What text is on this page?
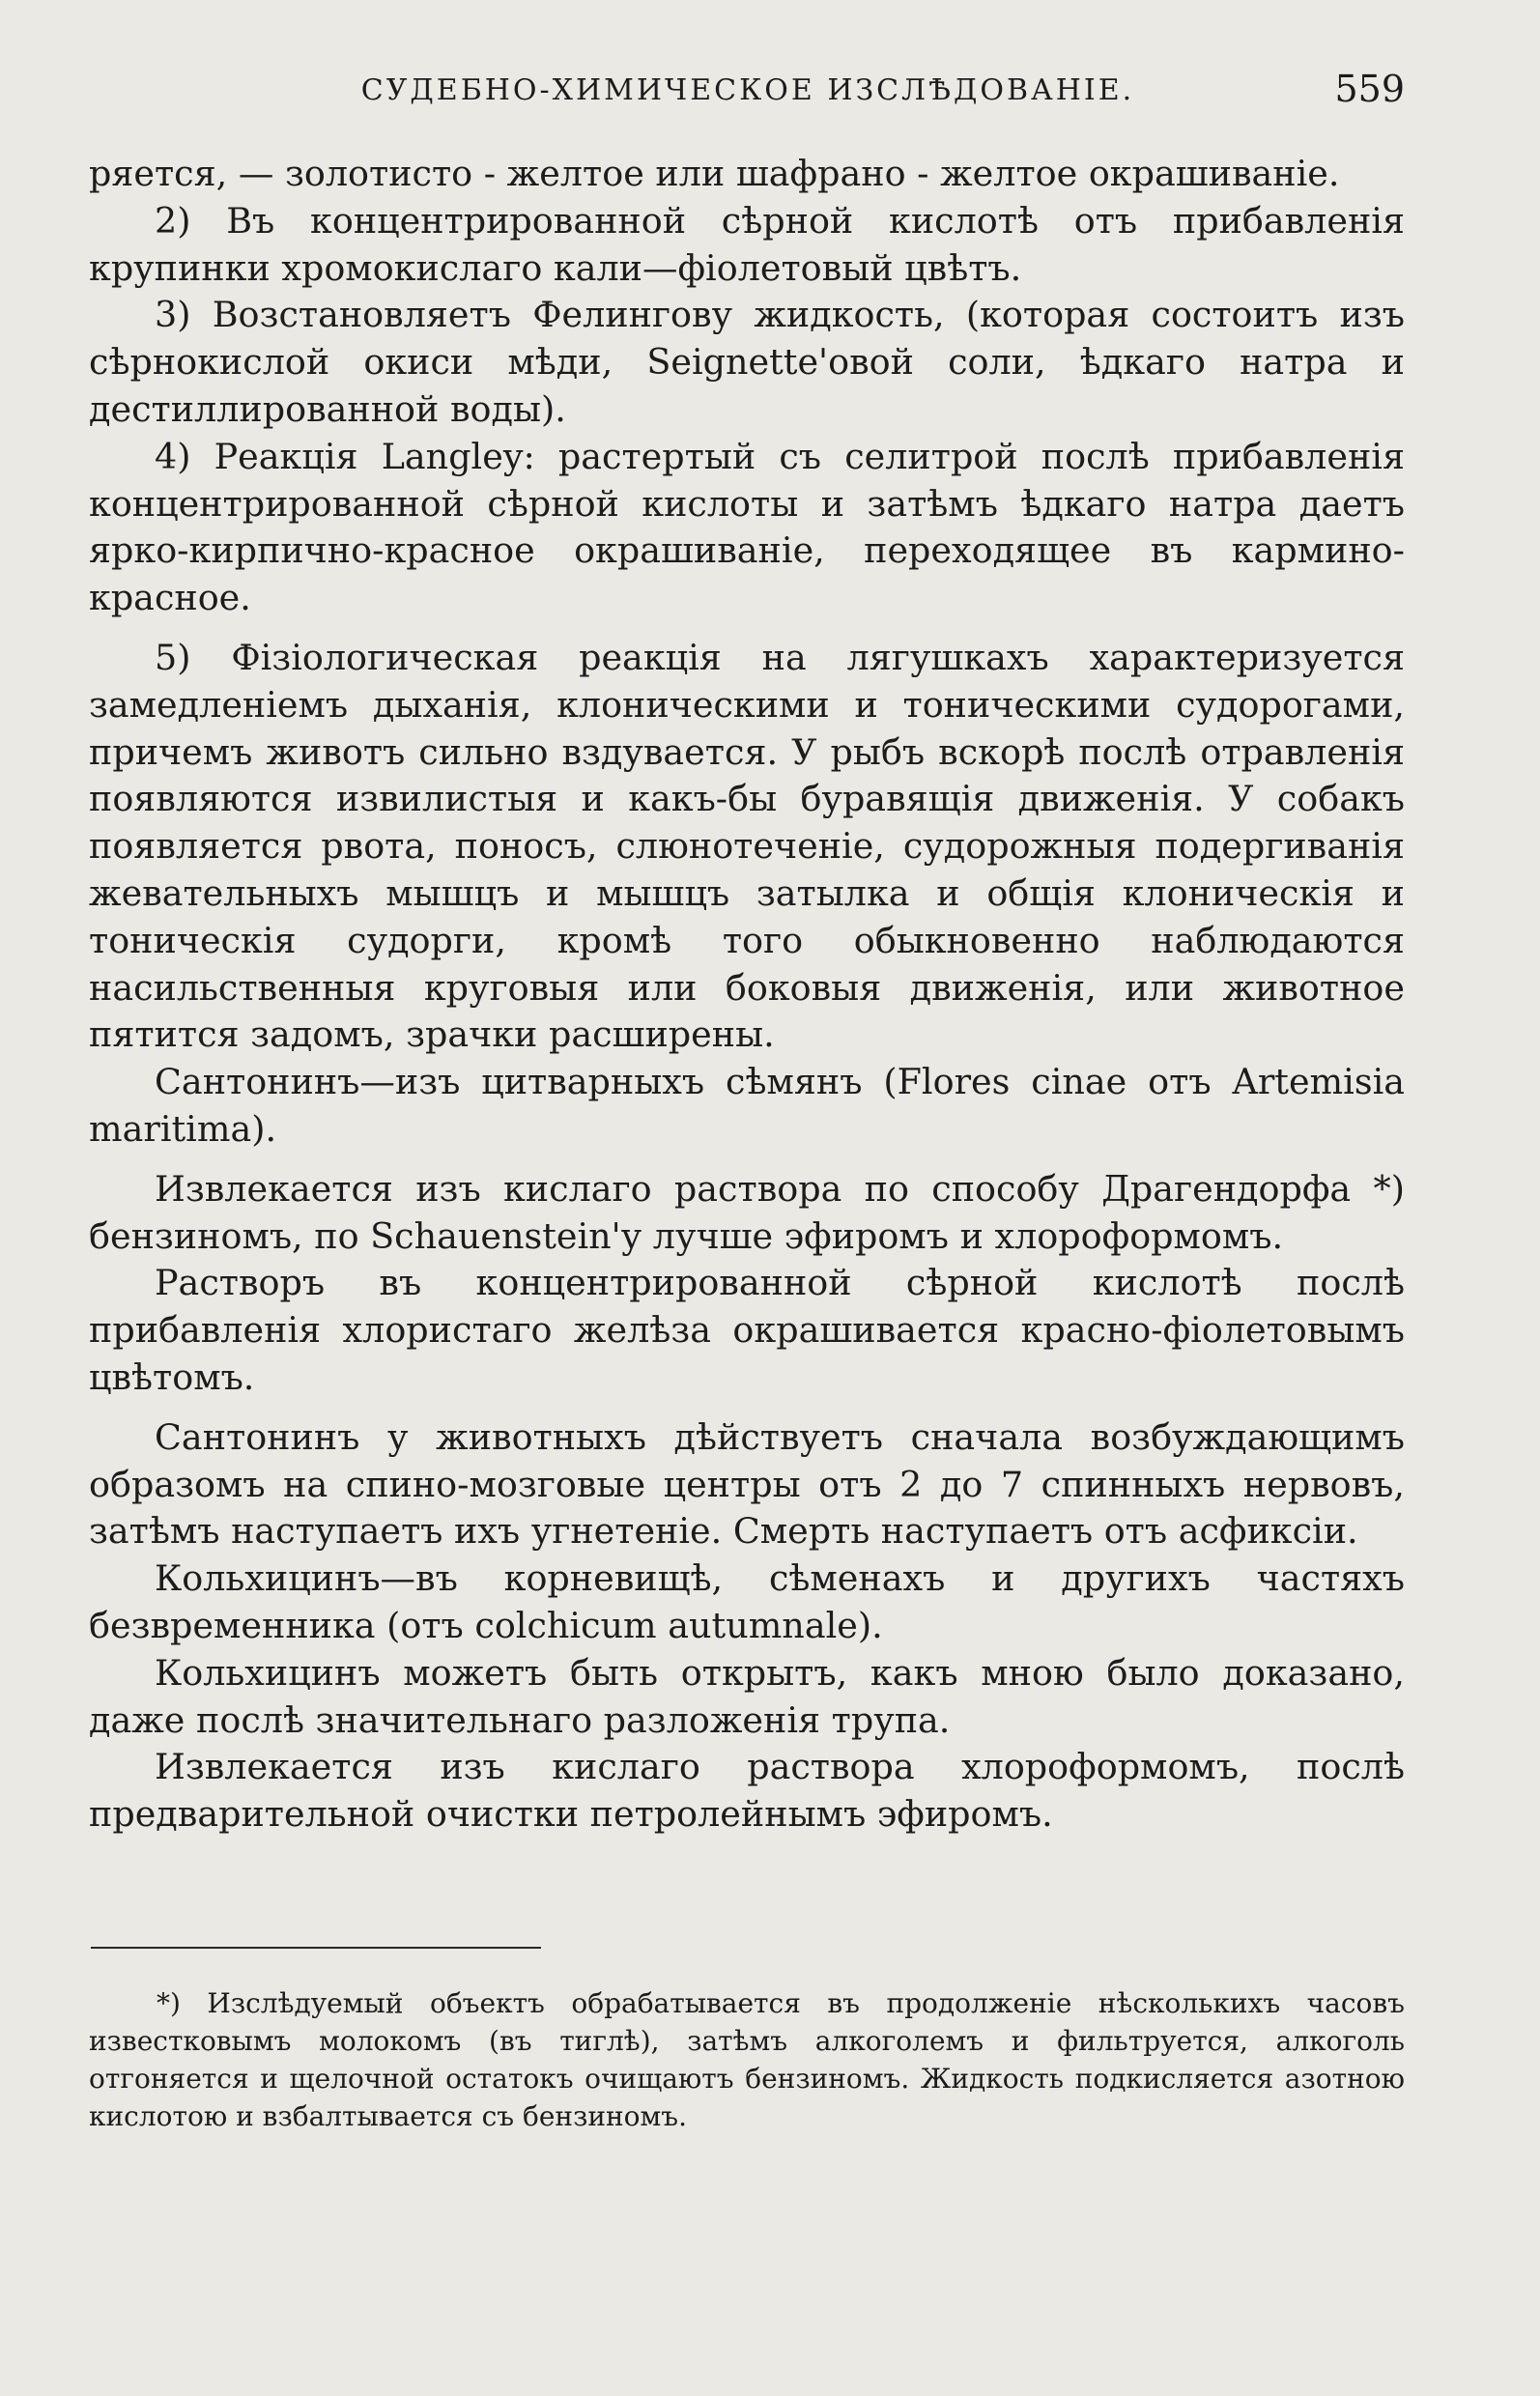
СУДЕБНО-ХИМИЧЕСКОЕ ИЗСЛѢДОВАНІЕ.	559

ряется, — золотисто - желтое или шафрано - желтое окрашиваніе.

2) Въ концентрированной сѣрной кислотѣ отъ прибавленія крупинки хромокислаго кали—фіолетовый цвѣтъ.

3) Возстановляетъ Фелингову жидкость, (которая состоитъ изъ сѣрнокислой окиси мѣди, Seignette'овой соли, ѣдкаго натра и дестиллированной воды).

4) Реакція Langley: растертый съ селитрой послѣ прибавленія концентрированной сѣрной кислоты и затѣмъ ѣдкаго натра даетъ ярко-кирпично-красное окрашиваніе, переходящее въ кармино-красное.

5) Фізіологическая реакція на лягушкахъ характеризуется замедленіемъ дыханія, клоническими и тоническими судорогами, причемъ животъ сильно вздувается. У рыбъ вскорѣ послѣ отравленія появляются извилистыя и какъ-бы буравящія движенія. У собакъ появляется рвота, поносъ, слюнотеченіе, судорожныя подергиванія жевательныхъ мышцъ и мышцъ затылка и общія клоническія и тоническія судорги, кромѣ того обыкновенно наблюдаются насильственныя круговыя или боковыя движенія, или животное пятится задомъ, зрачки расширены.

Сантонинъ—изъ цитварныхъ сѣмянъ (Flores cinae отъ Artemisia maritima).

Извлекается изъ кислаго раствора по способу Драгендорфа *) бензиномъ, по Schauenstein'у лучше эфиромъ и хлороформомъ.

Растворъ въ концентрированной сѣрной кислотѣ послѣ прибавленія хлористаго желѣза окрашивается красно-фіолетовымъ цвѣтомъ.

Сантонинъ у животныхъ дѣйствуетъ сначала возбуждающимъ образомъ на спино-мозговые центры отъ 2 до 7 спинныхъ нервовъ, затѣмъ наступаетъ ихъ угнетеніе. Смерть наступаетъ отъ асфиксіи.

Кольхицинъ—въ корневищѣ, сѣменахъ и другихъ частяхъ безвременника (отъ colchicum autumnale).

Кольхицинъ можетъ быть открытъ, какъ мною было доказано, даже послѣ значительнаго разложенія трупа.

Извлекается изъ кислаго раствора хлороформомъ, послѣ предварительной очистки петролейнымъ эфиромъ.

*) Изслѣдуемый объектъ обрабатывается въ продолженіе нѣсколькихъ часовъ известковымъ молокомъ (въ тиглѣ), затѣмъ алкоголемъ и фильтруется, алкоголь отгоняется и щелочной остатокъ очищаютъ бензиномъ. Жидкость подкисляется азотною кислотою и взбалтывается съ бензиномъ.
